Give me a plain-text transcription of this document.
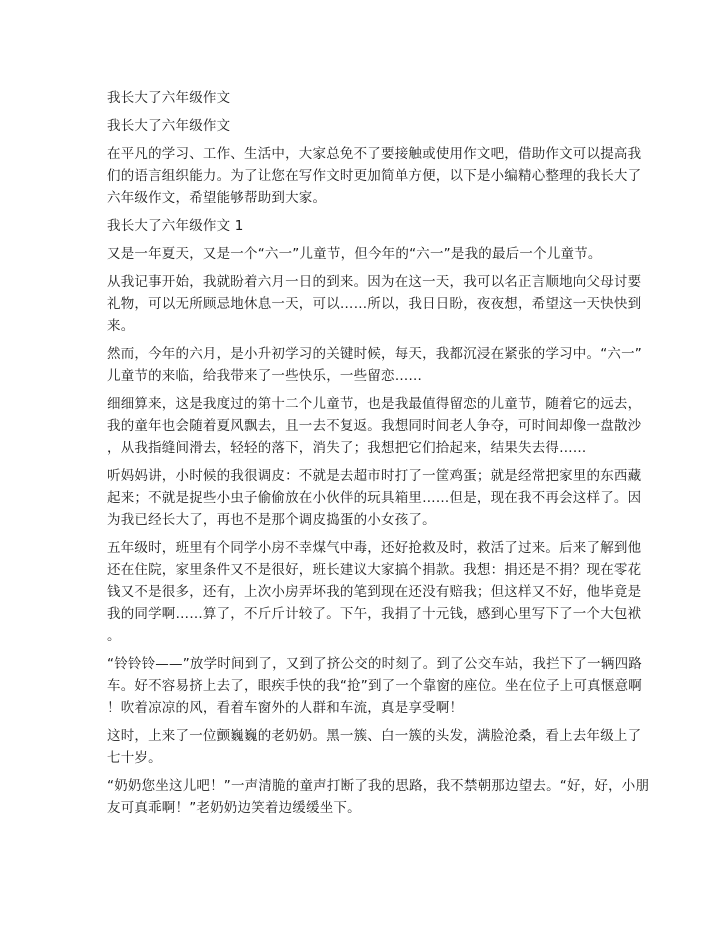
我长大了六年级作文
我长大了六年级作文
在平凡的学习、工作、生活中，大家总免不了要接触或使用作文吧，借助作文可以提高我
们的语言组织能力。为了让您在写作文时更加简单方便，以下是小编精心整理的我长大了
六年级作文，希望能够帮助到大家。
我长大了六年级作文 1
又是一年夏天，又是一个“六一”儿童节，但今年的“六一”是我的最后一个儿童节。
从我记事开始，我就盼着六月一日的到来。因为在这一天，我可以名正言顺地向父母讨要
礼物，可以无所顾忌地休息一天，可以……所以，我日日盼，夜夜想，希望这一天快快到
来。
然而，今年的六月，是小升初学习的关键时候，每天，我都沉浸在紧张的学习中。“六一”
儿童节的来临，给我带来了一些快乐，一些留恋……
细细算来，这是我度过的第十二个儿童节，也是我最值得留恋的儿童节，随着它的远去，
我的童年也会随着夏风飘去，且一去不复返。我想同时间老人争夺，可时间却像一盘散沙
，从我指缝间滑去，轻轻的落下，消失了；我想把它们拾起来，结果失去得……
听妈妈讲，小时候的我很调皮：不就是去超市时打了一筐鸡蛋；就是经常把家里的东西藏
起来；不就是捉些小虫子偷偷放在小伙伴的玩具箱里……但是，现在我不再会这样了。因
为我已经长大了，再也不是那个调皮捣蛋的小女孩了。
五年级时，班里有个同学小房不幸煤气中毒，还好抢救及时，救活了过来。后来了解到他
还在住院，家里条件又不是很好，班长建议大家搞个捐款。我想：捐还是不捐？现在零花
钱又不是很多，还有，上次小房弄坏我的笔到现在还没有赔我；但这样又不好，他毕竟是
我的同学啊……算了，不斤斤计较了。下午，我捐了十元钱，感到心里写下了一个大包袱
。
“铃铃铃——”放学时间到了，又到了挤公交的时刻了。到了公交车站，我拦下了一辆四路
车。好不容易挤上去了，眼疾手快的我“抢”到了一个靠窗的座位。坐在位子上可真惬意啊
！吹着凉凉的风，看着车窗外的人群和车流，真是享受啊！
这时，上来了一位颤巍巍的老奶奶。黑一簇、白一簇的头发，满脸沧桑，看上去年级上了
七十岁。
“奶奶您坐这儿吧！”一声清脆的童声打断了我的思路，我不禁朝那边望去。“好，好，小朋
友可真乖啊！”老奶奶边笑着边缓缓坐下。
